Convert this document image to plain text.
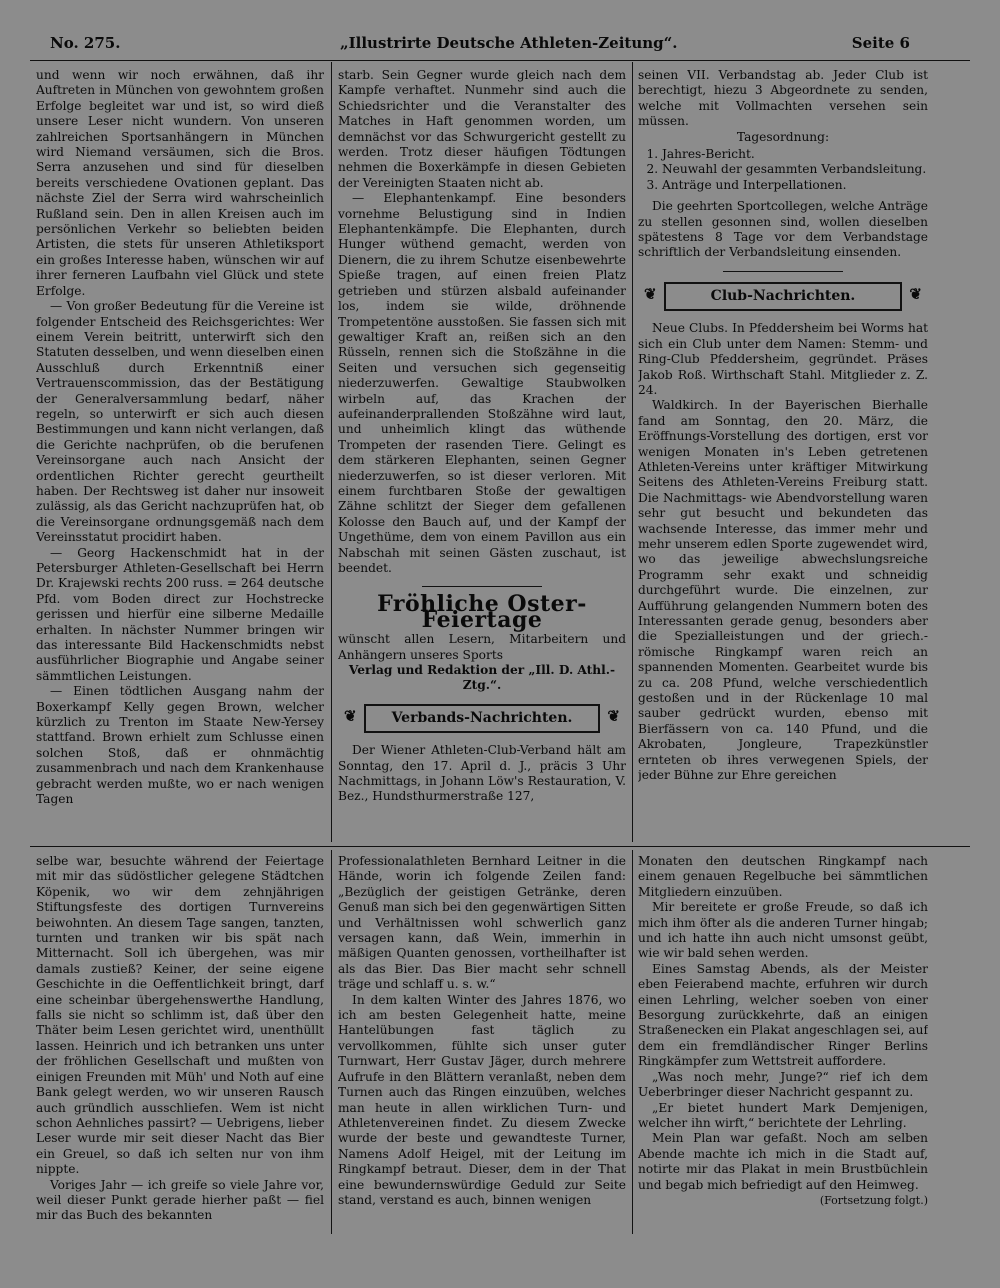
No. 275.	„Illustrirte Deutsche Athleten-Zeitung“.	Seite 6

und wenn wir noch erwähnen, daß ihr Auftreten in München von gewohntem großen Erfolge begleitet war und ist, so wird dieß unsere Leser nicht wundern. Von unseren zahlreichen Sportsanhängern in München wird Niemand versäumen, sich die Bros. Serra anzusehen und sind für dieselben bereits verschiedene Ovationen geplant. Das nächste Ziel der Serra wird wahrscheinlich Rußland sein. Den in allen Kreisen auch im persönlichen Verkehr so beliebten beiden Artisten, die stets für unseren Athletiksport ein großes Interesse haben, wünschen wir auf ihrer ferneren Laufbahn viel Glück und stete Erfolge.

— Von großer Bedeutung für die Vereine ist folgender Entscheid des Reichsgerichtes: Wer einem Verein beitritt, unterwirft sich den Statuten desselben, und wenn dieselben einen Ausschluß durch Erkenntniß einer Vertrauenscommission, das der Bestätigung der Generalversammlung bedarf, näher regeln, so unterwirft er sich auch diesen Bestimmungen und kann nicht verlangen, daß die Gerichte nachprüfen, ob die berufenen Vereinsorgane auch nach Ansicht der ordentlichen Richter gerecht geurtheilt haben. Der Rechtsweg ist daher nur insoweit zulässig, als das Gericht nachzuprüfen hat, ob die Vereinsorgane ordnungsgemäß nach dem Vereinsstatut procidirt haben.

— Georg Hackenschmidt hat in der Petersburger Athleten-Gesellschaft bei Herrn Dr. Krajewski rechts 200 russ. = 264 deutsche Pfd. vom Boden direct zur Hochstrecke gerissen und hierfür eine silberne Medaille erhalten. In nächster Nummer bringen wir das interessante Bild Hackenschmidts nebst ausführlicher Biographie und Angabe seiner sämmtlichen Leistungen.

— Einen tödtlichen Ausgang nahm der Boxerkampf Kelly gegen Brown, welcher kürzlich zu Trenton im Staate New-Yersey stattfand. Brown erhielt zum Schlusse einen solchen Stoß, daß er ohnmächtig zusammenbrach und nach dem Krankenhause gebracht werden mußte, wo er nach wenigen Tagen

starb. Sein Gegner wurde gleich nach dem Kampfe verhaftet. Nunmehr sind auch die Schiedsrichter und die Veranstalter des Matches in Haft genommen worden, um demnächst vor das Schwurgericht gestellt zu werden. Trotz dieser häufigen Tödtungen nehmen die Boxerkämpfe in diesen Gebieten der Vereinigten Staaten nicht ab.

— Elephantenkampf. Eine besonders vornehme Belustigung sind in Indien Elephantenkämpfe. Die Elephanten, durch Hunger wüthend gemacht, werden von Dienern, die zu ihrem Schutze eisenbewehrte Spieße tragen, auf einen freien Platz getrieben und stürzen alsbald aufeinander los, indem sie wilde, dröhnende Trompetentöne ausstoßen. Sie fassen sich mit gewaltiger Kraft an, reißen sich an den Rüsseln, rennen sich die Stoßzähne in die Seiten und versuchen sich gegenseitig niederzuwerfen. Gewaltige Staubwolken wirbeln auf, das Krachen der aufeinanderprallenden Stoßzähne wird laut, und unheimlich klingt das wüthende Trompeten der rasenden Tiere. Gelingt es dem stärkeren Elephanten, seinen Gegner niederzuwerfen, so ist dieser verloren. Mit einem furchtbaren Stoße der gewaltigen Zähne schlitzt der Sieger dem gefallenen Kolosse den Bauch auf, und der Kampf der Ungethüme, dem von einem Pavillon aus ein Nabschah mit seinen Gästen zuschaut, ist beendet.

Fröhliche Oster-Feiertage

wünscht allen Lesern, Mitarbeitern und Anhängern unseres Sports

Verlag und Redaktion der „Ill. D. Athl.-Ztg.“.

❦	Verbands-Nachrichten. ❦

Der Wiener Athleten-Club-Verband hält am Sonntag, den 17. April d. J., präcis 3 Uhr Nachmittags, in Johann Löw's Restauration, V. Bez., Hundsthurmerstraße 127,

seinen VII. Verbandstag ab. Jeder Club ist berechtigt, hiezu 3 Abgeordnete zu senden, welche mit Vollmachten versehen sein müssen.

Tagesordnung:

1. Jahres-Bericht.
2. Neuwahl der gesammten Verbandsleitung.
3. Anträge und Interpellationen.

Die geehrten Sportcollegen, welche Anträge zu stellen gesonnen sind, wollen dieselben spätestens 8 Tage vor dem Verbandstage schriftlich der Verbandsleitung einsenden.

❦	Club-Nachrichten.	❦

Neue Clubs. In Pfeddersheim bei Worms hat sich ein Club unter dem Namen: Stemm- und Ring-Club Pfeddersheim, gegründet. Präses Jakob Roß. Wirthschaft Stahl. Mitglieder z. Z. 24.

Waldkirch. In der Bayerischen Bierhalle fand am Sonntag, den 20. März, die Eröffnungs-Vorstellung des dortigen, erst vor wenigen Monaten in's Leben getretenen Athleten-Vereins unter kräftiger Mitwirkung Seitens des Athleten-Vereins Freiburg statt. Die Nachmittags- wie Abendvorstellung waren sehr gut besucht und bekundeten das wachsende Interesse, das immer mehr und mehr unserem edlen Sporte zugewendet wird, wo das jeweilige abwechslungsreiche Programm sehr exakt und schneidig durchgeführt wurde. Die einzelnen, zur Aufführung gelangenden Nummern boten des Interessanten gerade genug, besonders aber die Spezialleistungen und der griech.-römische Ringkampf waren reich an spannenden Momenten. Gearbeitet wurde bis zu ca. 208 Pfund, welche verschiedentlich gestoßen und in der Rückenlage 10 mal sauber gedrückt wurden, ebenso mit Bierfässern von ca. 140 Pfund, und die Akrobaten, Jongleure, Trapezkünstler ernteten ob ihres verwegenen Spiels, der jeder Bühne zur Ehre gereichen

selbe war, besuchte während der Feiertage mit mir das südöstlicher gelegene Städtchen Köpenik, wo wir dem zehnjährigen Stiftungsfeste des dortigen Turnvereins beiwohnten. An diesem Tage sangen, tanzten, turnten und tranken wir bis spät nach Mitternacht. Soll ich übergehen, was mir damals zustieß? Keiner, der seine eigene Geschichte in die Oeffentlichkeit bringt, darf eine scheinbar übergehenswerthe Handlung, falls sie nicht so schlimm ist, daß über den Thäter beim Lesen gerichtet wird, unenthüllt lassen. Heinrich und ich betranken uns unter der fröhlichen Gesellschaft und mußten von einigen Freunden mit Müh' und Noth auf eine Bank gelegt werden, wo wir unseren Rausch auch gründlich ausschliefen. Wem ist nicht schon Aehnliches passirt? — Uebrigens, lieber Leser wurde mir seit dieser Nacht das Bier ein Greuel, so daß ich selten nur von ihm nippte.

Voriges Jahr — ich greife so viele Jahre vor, weil dieser Punkt gerade hierher paßt — fiel mir das Buch des bekannten

Professionalathleten Bernhard Leitner in die Hände, worin ich folgende Zeilen fand: „Bezüglich der geistigen Getränke, deren Genuß man sich bei den gegenwärtigen Sitten und Verhältnissen wohl schwerlich ganz versagen kann, daß Wein, immerhin in mäßigen Quanten genossen, vortheilhafter ist als das Bier. Das Bier macht sehr schnell träge und schlaff u. s. w.“

In dem kalten Winter des Jahres 1876, wo ich am besten Gelegenheit hatte, meine Hantelübungen fast täglich zu vervollkommen, fühlte sich unser guter Turnwart, Herr Gustav Jäger, durch mehrere Aufrufe in den Blättern veranlaßt, neben dem Turnen auch das Ringen einzuüben, welches man heute in allen wirklichen Turn- und Athletenvereinen findet. Zu diesem Zwecke wurde der beste und gewandteste Turner, Namens Adolf Heigel, mit der Leitung im Ringkampf betraut. Dieser, dem in der That eine bewundernswürdige Geduld zur Seite stand, verstand es auch, binnen wenigen

Monaten den deutschen Ringkampf nach einem genauen Regelbuche bei sämmtlichen Mitgliedern einzuüben.

Mir bereitete er große Freude, so daß ich mich ihm öfter als die anderen Turner hingab; und ich hatte ihn auch nicht umsonst geübt, wie wir bald sehen werden.

Eines Samstag Abends, als der Meister eben Feierabend machte, erfuhren wir durch einen Lehrling, welcher soeben von einer Besorgung zurückkehrte, daß an einigen Straßenecken ein Plakat angeschlagen sei, auf dem ein fremdländischer Ringer Berlins Ringkämpfer zum Wettstreit auffordere.

„Was noch mehr, Junge?“ rief ich dem Ueberbringer dieser Nachricht gespannt zu.

„Er bietet hundert Mark Demjenigen, welcher ihn wirft,“ berichtete der Lehrling.

Mein Plan war gefaßt. Noch am selben Abende machte ich mich in die Stadt auf, notirte mir das Plakat in mein Brustbüchlein und begab mich befriedigt auf den Heimweg.

(Fortsetzung folgt.)
